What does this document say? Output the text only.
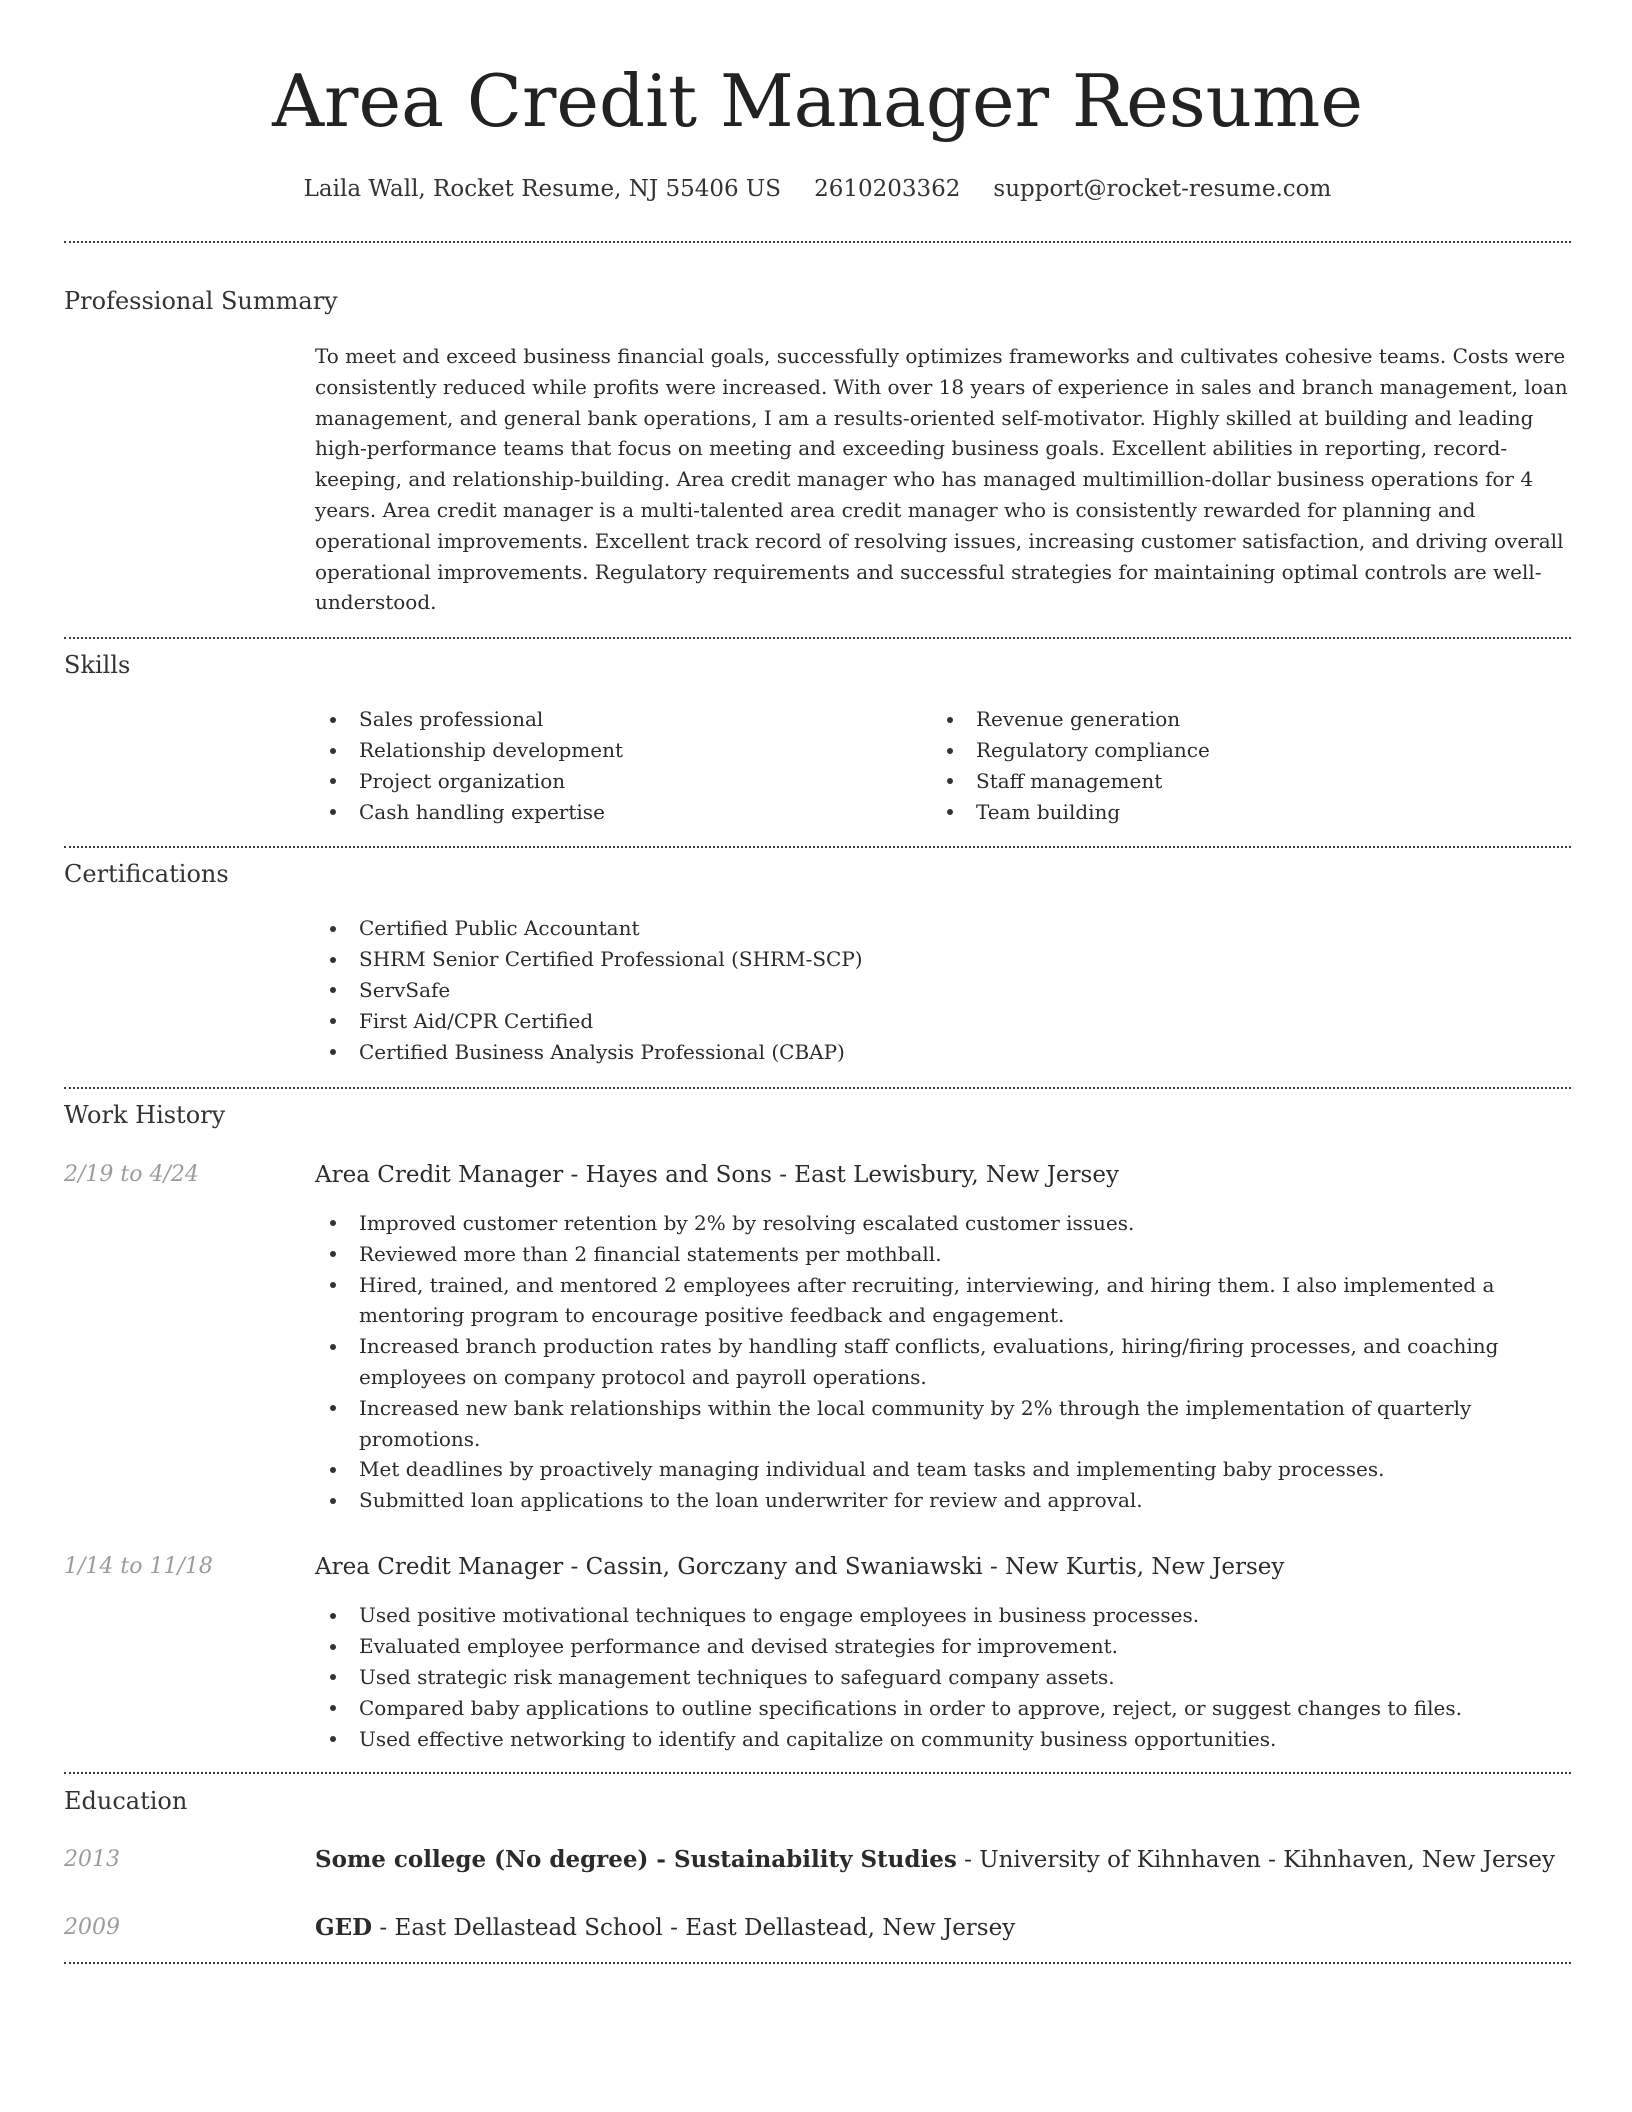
Area Credit Manager Resume
Laila Wall, Rocket Resume, NJ 55406 US 2610203362 support@rocket-resume.com
Professional Summary

To meet and exceed business financial goals, successfully optimizes frameworks and cultivates cohesive teams. Costs were consistently reduced while profits were increased. With over 18 years of experience in sales and branch management, loan management, and general bank operations, I am a results-oriented self-motivator. Highly skilled at building and leading high-performance teams that focus on meeting and exceeding business goals. Excellent abilities in reporting, record-keeping, and relationship-building. Area credit manager who has managed multimillion-dollar business operations for 4 years. Area credit manager is a multi-talented area credit manager who is consistently rewarded for planning and operational improvements. Excellent track record of resolving issues, increasing customer satisfaction, and driving overall operational improvements. Regulatory requirements and successful strategies for maintaining optimal controls are well-understood.

Skills
Sales professional
Relationship development
Project organization
Cash handling expertise
Revenue generation
Regulatory compliance
Staff management
Team building
Certifications
Certified Public Accountant
SHRM Senior Certified Professional (SHRM-SCP)
ServSafe
First Aid/CPR Certified
Certified Business Analysis Professional (CBAP)
Work History
2/19 to 4/24	Area Credit Manager - Hayes and Sons - East Lewisbury, New Jersey
Improved customer retention by 2% by resolving escalated customer issues.
Reviewed more than 2 financial statements per mothball.
Hired, trained, and mentored 2 employees after recruiting, interviewing, and hiring them. I also implemented a mentoring program to encourage positive feedback and engagement.
Increased branch production rates by handling staff conflicts, evaluations, hiring/firing processes, and coaching employees on company protocol and payroll operations.
Increased new bank relationships within the local community by 2% through the implementation of quarterly promotions.
Met deadlines by proactively managing individual and team tasks and implementing baby processes.
Submitted loan applications to the loan underwriter for review and approval.
1/14 to 11/18	Area Credit Manager - Cassin, Gorczany and Swaniawski - New Kurtis, New Jersey
Used positive motivational techniques to engage employees in business processes.
Evaluated employee performance and devised strategies for improvement.
Used strategic risk management techniques to safeguard company assets.
Compared baby applications to outline specifications in order to approve, reject, or suggest changes to files.
Used effective networking to identify and capitalize on community business opportunities.
Education
2013	Some college (No degree) - Sustainability Studies - University of Kihnhaven - Kihnhaven, New Jersey
2009	GED - East Dellastead School - East Dellastead, New Jersey
